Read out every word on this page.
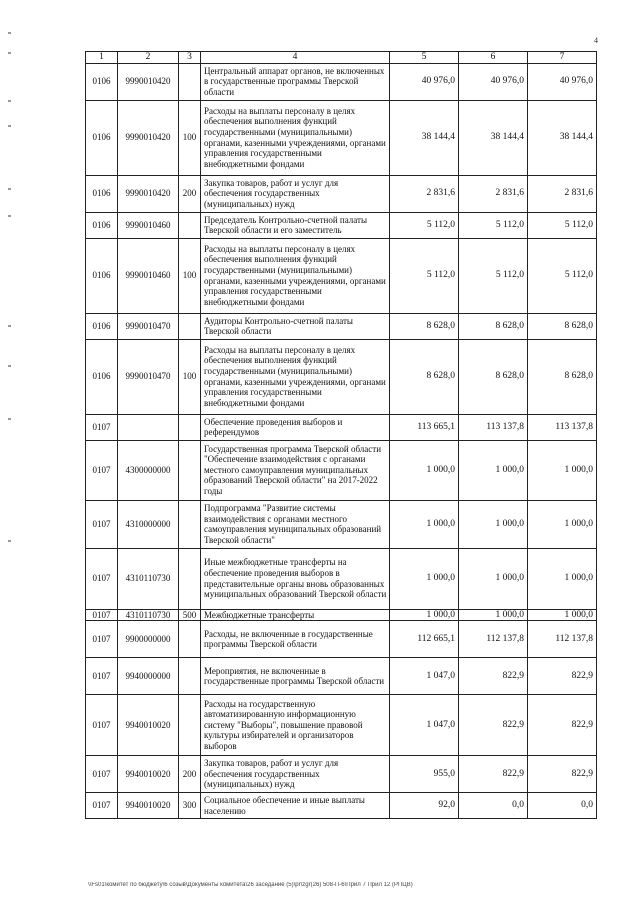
4
1	2	3	4	5	6	7
0106	9990010420		Центральный аппарат органов, не включенных в государственные программы Тверской области	40 976,0	40 976,0	40 976,0
0106	9990010420	100	Расходы на выплаты персоналу в целях обеспечения выполнения функций государственными (муниципальными) органами, казенными учреждениями, органами управления государственными внебюджетными фондами	38 144,4	38 144,4	38 144,4
0106	9990010420	200	Закупка товаров, работ и услуг для обеспечения государственных (муниципальных) нужд	2 831,6	2 831,6	2 831,6
0106	9990010460		Председатель Контрольно-счетной палаты Тверской области и его заместитель	5 112,0	5 112,0	5 112,0
0106	9990010460	100	Расходы на выплаты персоналу в целях обеспечения выполнения функций государственными (муниципальными) органами, казенными учреждениями, органами управления государственными внебюджетными фондами	5 112,0	5 112,0	5 112,0
0106	9990010470		Аудиторы Контрольно-счетной палаты Тверской области	8 628,0	8 628,0	8 628,0
0106	9990010470	100	Расходы на выплаты персоналу в целях обеспечения выполнения функций государственными (муниципальными) органами, казенными учреждениями, органами управления государственными внебюджетными фондами	8 628,0	8 628,0	8 628,0
0107			Обеспечение проведения выборов и референдумов	113 665,1	113 137,8	113 137,8
0107	4300000000		Государственная программа Тверской области "Обеспечение взаимодействия с органами местного самоуправления муниципальных образований Тверской области" на 2017-2022 годы	1 000,0	1 000,0	1 000,0
0107	4310000000		Подпрограмма "Развитие системы взаимодействия с органами местного самоуправления муниципальных образований Тверской области"	1 000,0	1 000,0	1 000,0
0107	4310110730		Иные межбюджетные трансферты на обеспечение проведения выборов в представительные органы вновь образованных муниципальных образований Тверской области	1 000,0	1 000,0	1 000,0
0107	4310110730	500	Межбюджетные трансферты	1 000,0	1 000,0	1 000,0
0107	9900000000		Расходы, не включенные в государственные программы Тверской области	112 665,1	112 137,8	112 137,8
0107	9940000000		Мероприятия, не включенные в государственные программы Тверской области	1 047,0	822,9	822,9
0107	9940010020		Расходы на государственную автоматизированную информационную систему "Выборы", повышение правовой культуры избирателей и организаторов выборов	1 047,0	822,9	822,9
0107	9940010020	200	Закупка товаров, работ и услуг для обеспечения государственных (муниципальных) нужд	955,0	822,9	822,9
0107	9940010020	300	Социальное обеспечение и иные выплаты населению	92,0	0,0	0,0
\\Fs01\комитет по бюджету\6 созыв\Документы комитета\26 заседание (5)\pr\zgr(26) 508-П-6\Прил 7 Прил 12 (РПЦВ)
